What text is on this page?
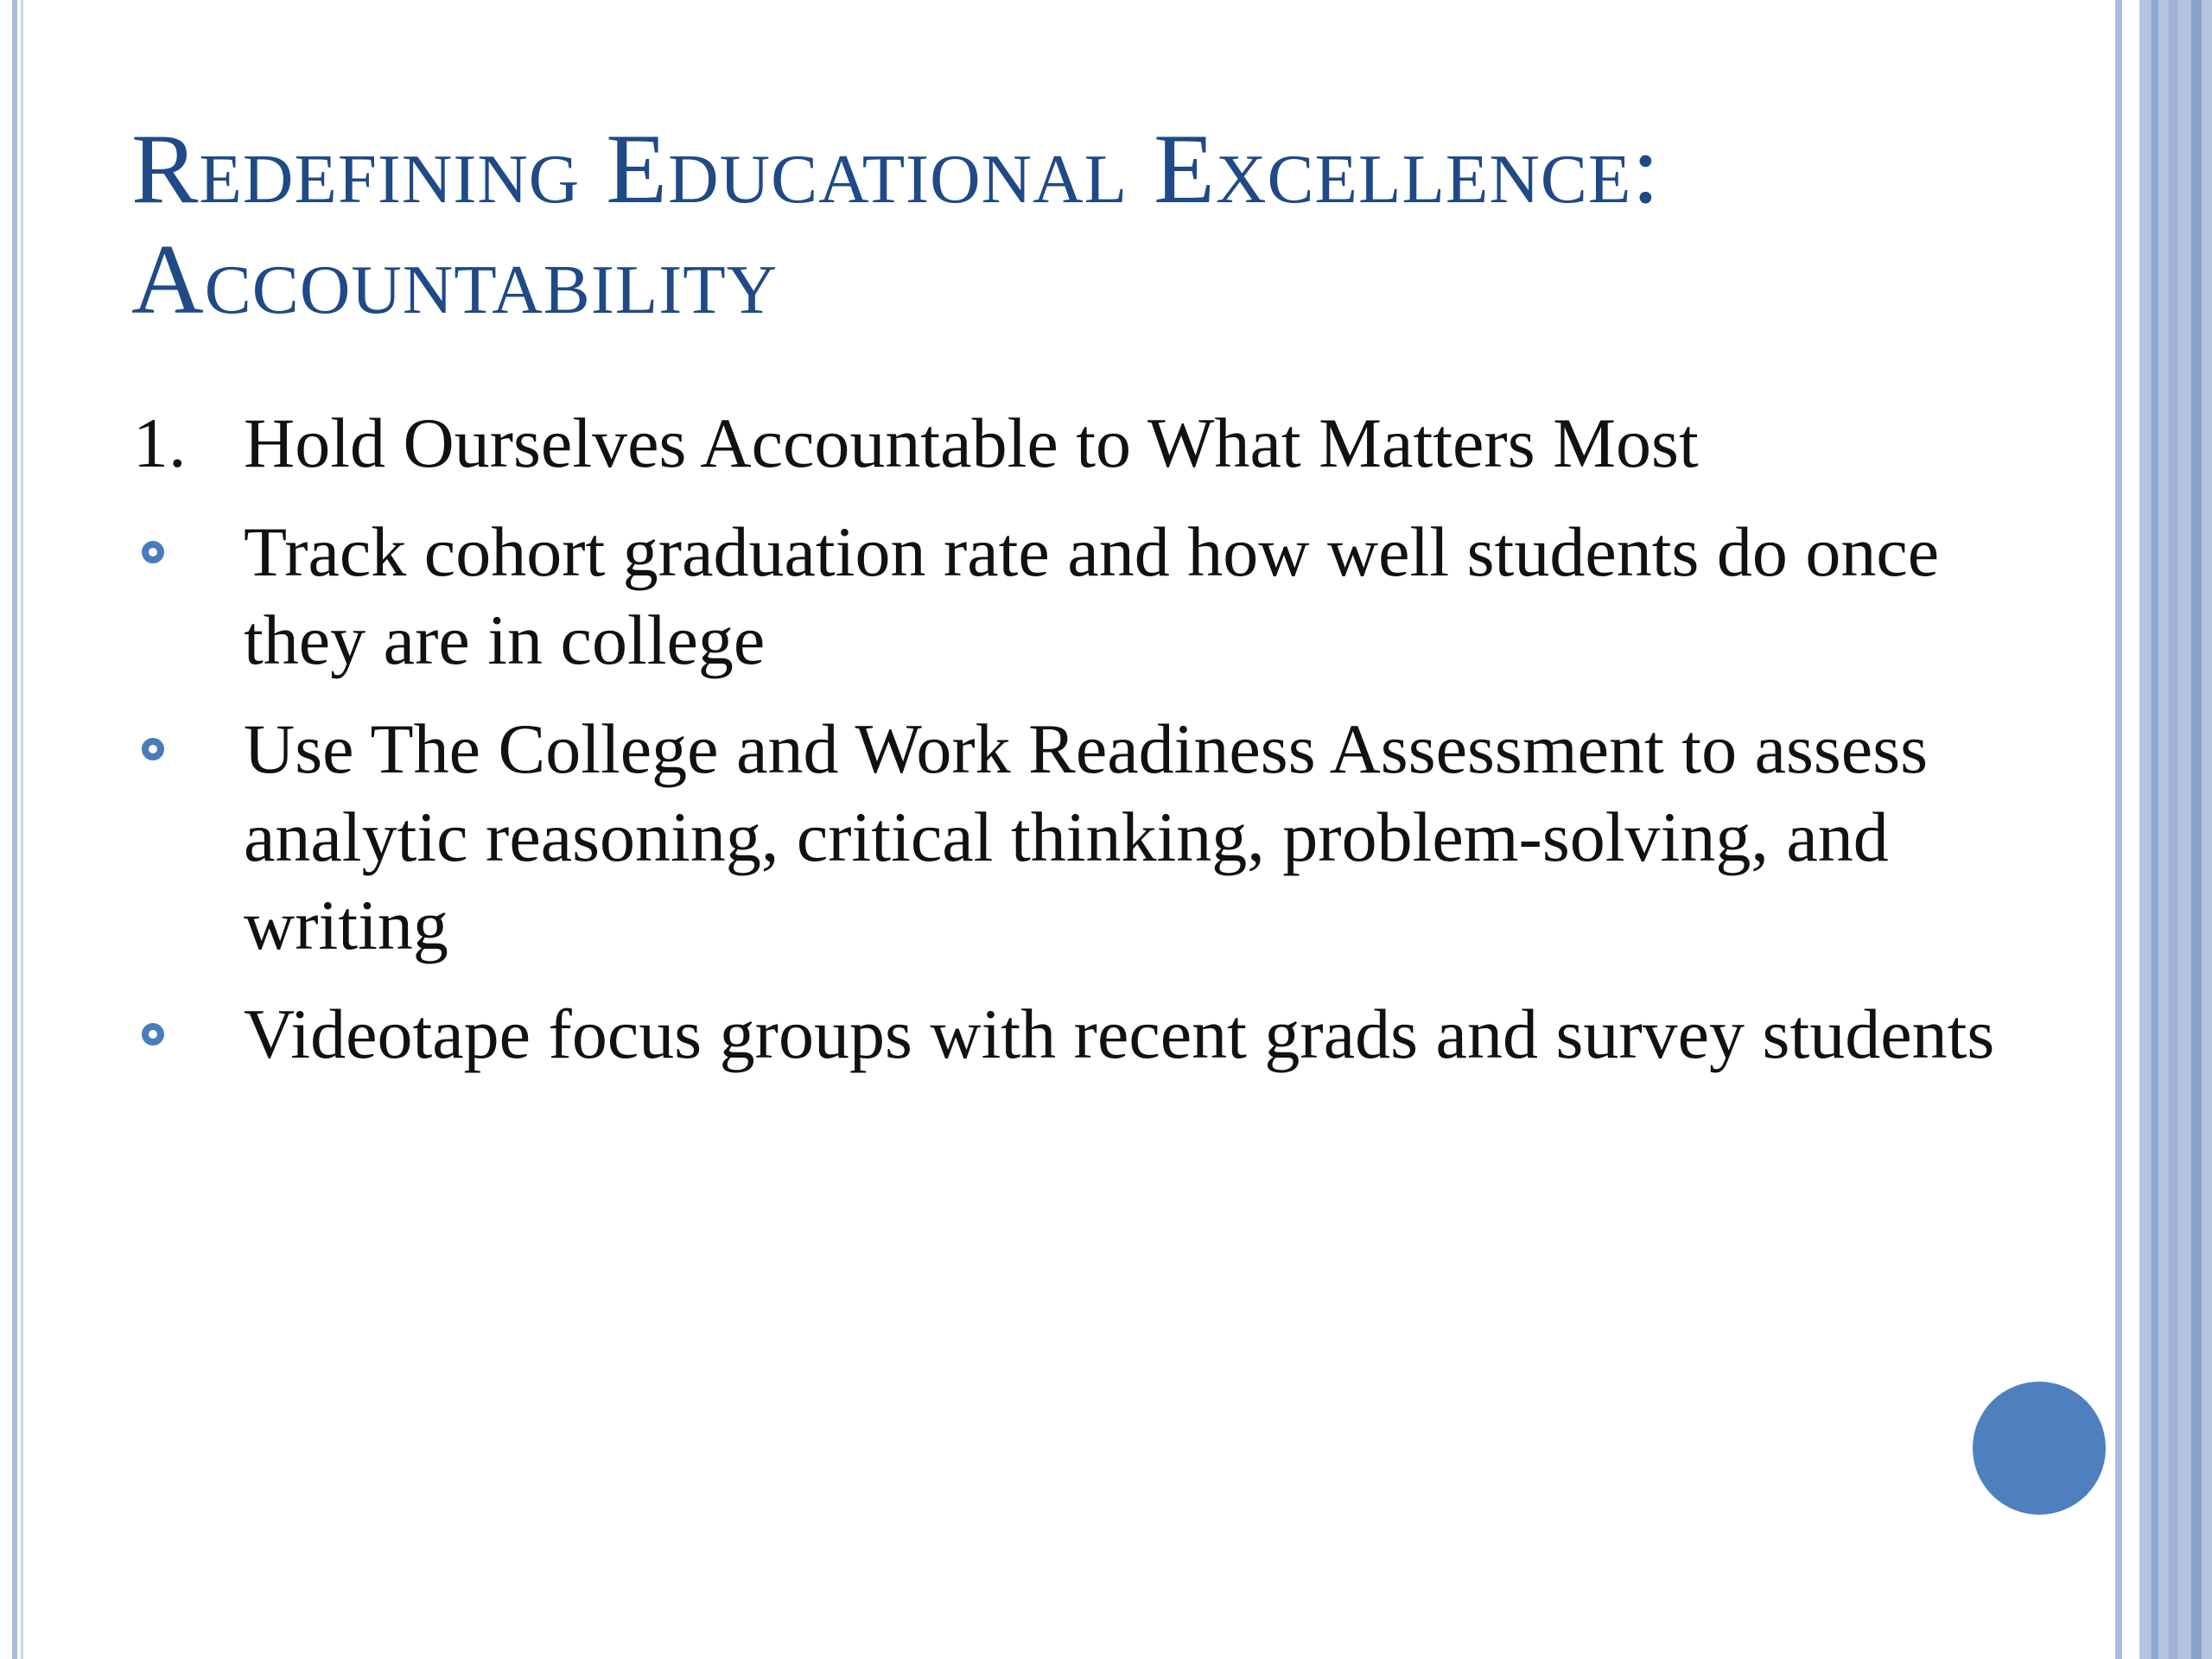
Redefining Educational Excellence: Accountability
1. Hold Ourselves Accountable to What Matters Most
Track cohort graduation rate and how well students do once they are in college
Use The College and Work Readiness Assessment to assess analytic reasoning, critical thinking, problem-solving, and writing
Videotape focus groups with recent grads and survey students
